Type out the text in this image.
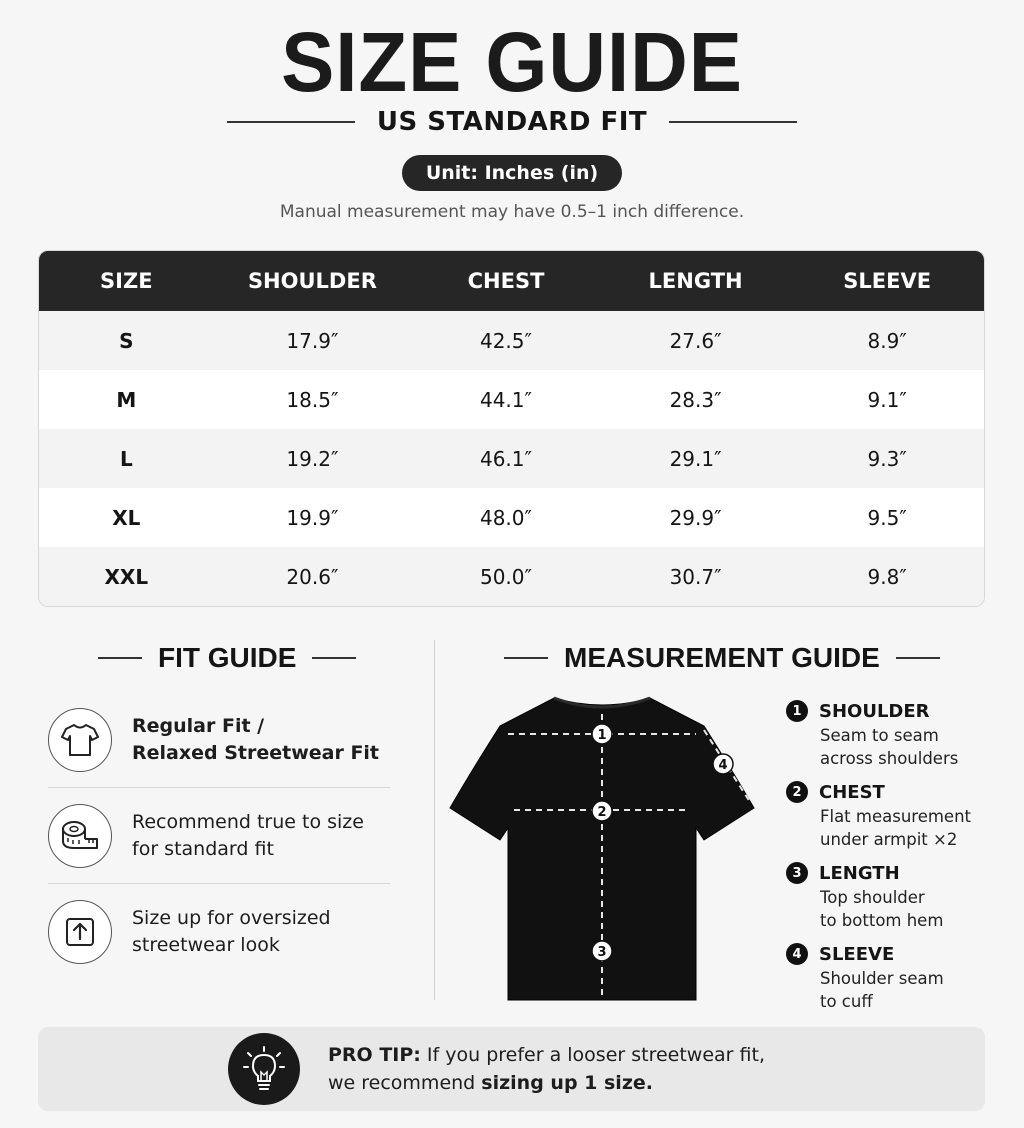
SIZE GUIDE
US STANDARD FIT
Unit: Inches (in)
Manual measurement may have 0.5–1 inch difference.
SIZE	SHOULDER	CHEST	LENGTH	SLEEVE
S	17.9″	42.5″	27.6″	8.9″
M	18.5″	44.1″	28.3″	9.1″
L	19.2″	46.1″	29.1″	9.3″
XL	19.9″	48.0″	29.9″	9.5″
XXL	20.6″	50.0″	30.7″	9.8″
FIT GUIDE
Regular Fit /
Relaxed Streetwear Fit
Recommend true to size
for standard fit
Size up for oversized
streetwear look
MEASUREMENT GUIDE
1
2
3
4
1 SHOULDER
Seam to seam
across shoulders
2 CHEST
Flat measurement
under armpit ×2
3 LENGTH
Top shoulder
to bottom hem
4 SLEEVE
Shoulder seam
to cuff
PRO TIP: If you prefer a looser streetwear fit,
we recommend sizing up 1 size.
